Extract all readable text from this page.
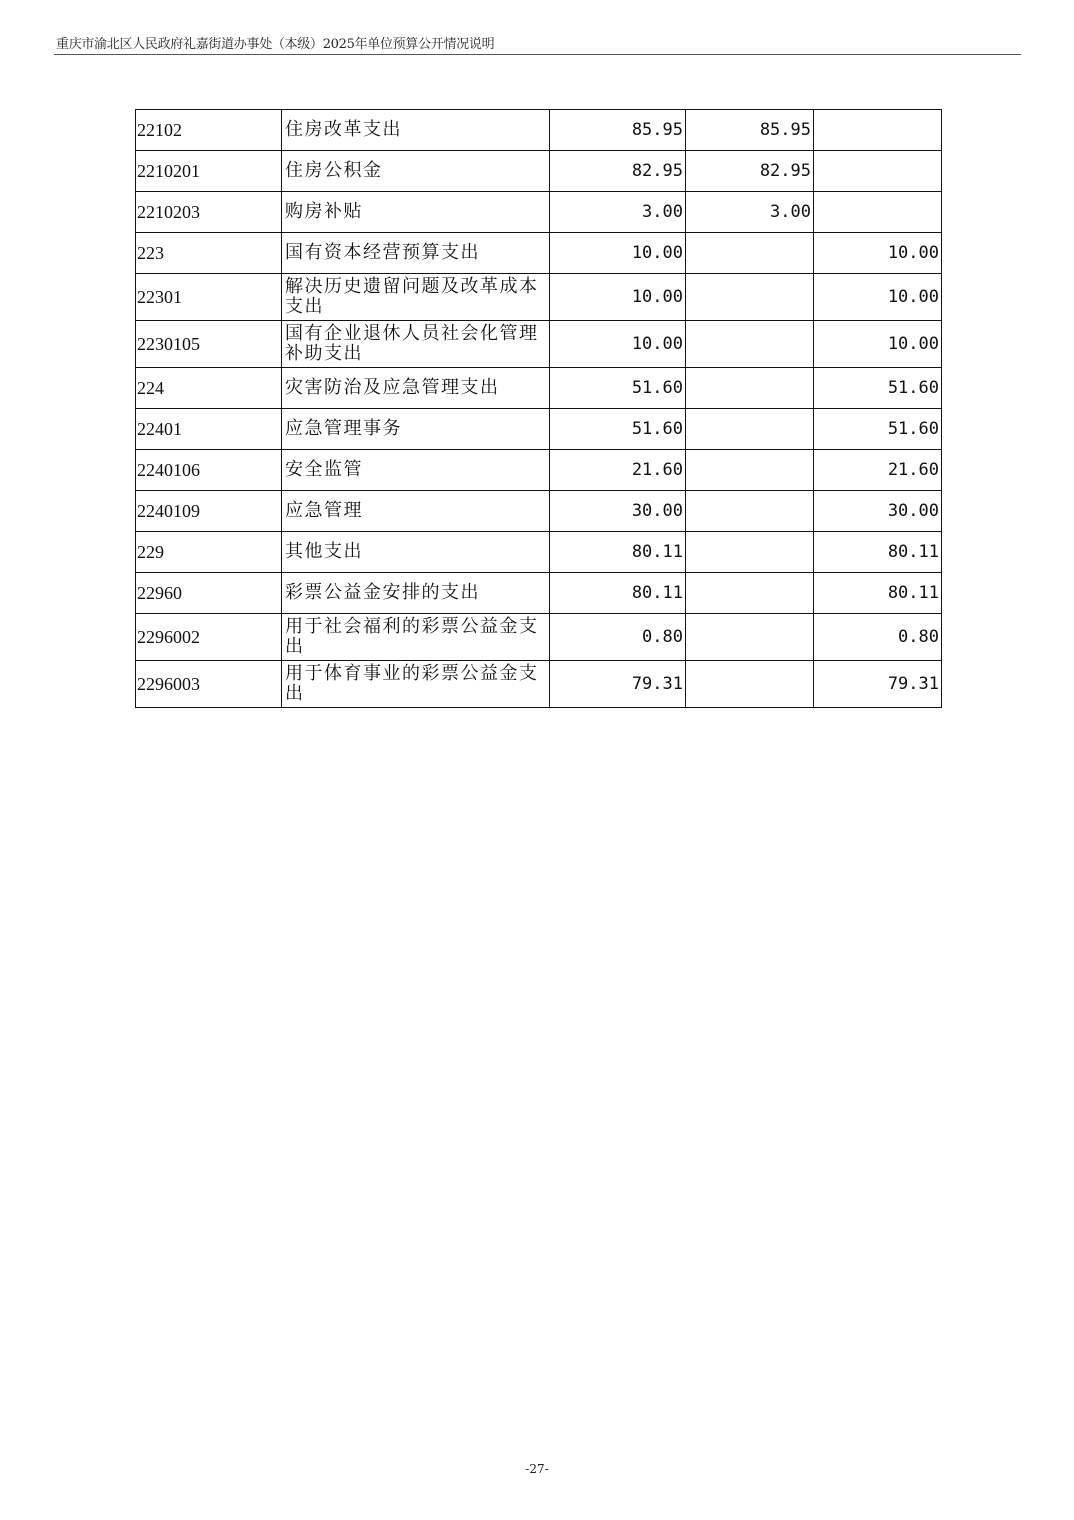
重庆市渝北区人民政府礼嘉街道办事处（本级）2025年单位预算公开情况说明
22102	住房改革支出	85.95	85.95	
2210201	住房公积金	82.95	82.95	
2210203	购房补贴	3.00	3.00	
223	国有资本经营预算支出	10.00		10.00
22301	解决历史遗留问题及改革成本支出	10.00		10.00
2230105	国有企业退休人员社会化管理补助支出	10.00		10.00
224	灾害防治及应急管理支出	51.60		51.60
22401	应急管理事务	51.60		51.60
2240106	安全监管	21.60		21.60
2240109	应急管理	30.00		30.00
229	其他支出	80.11		80.11
22960	彩票公益金安排的支出	80.11		80.11
2296002	用于社会福利的彩票公益金支出	0.80		0.80
2296003	用于体育事业的彩票公益金支出	79.31		79.31
-27-
